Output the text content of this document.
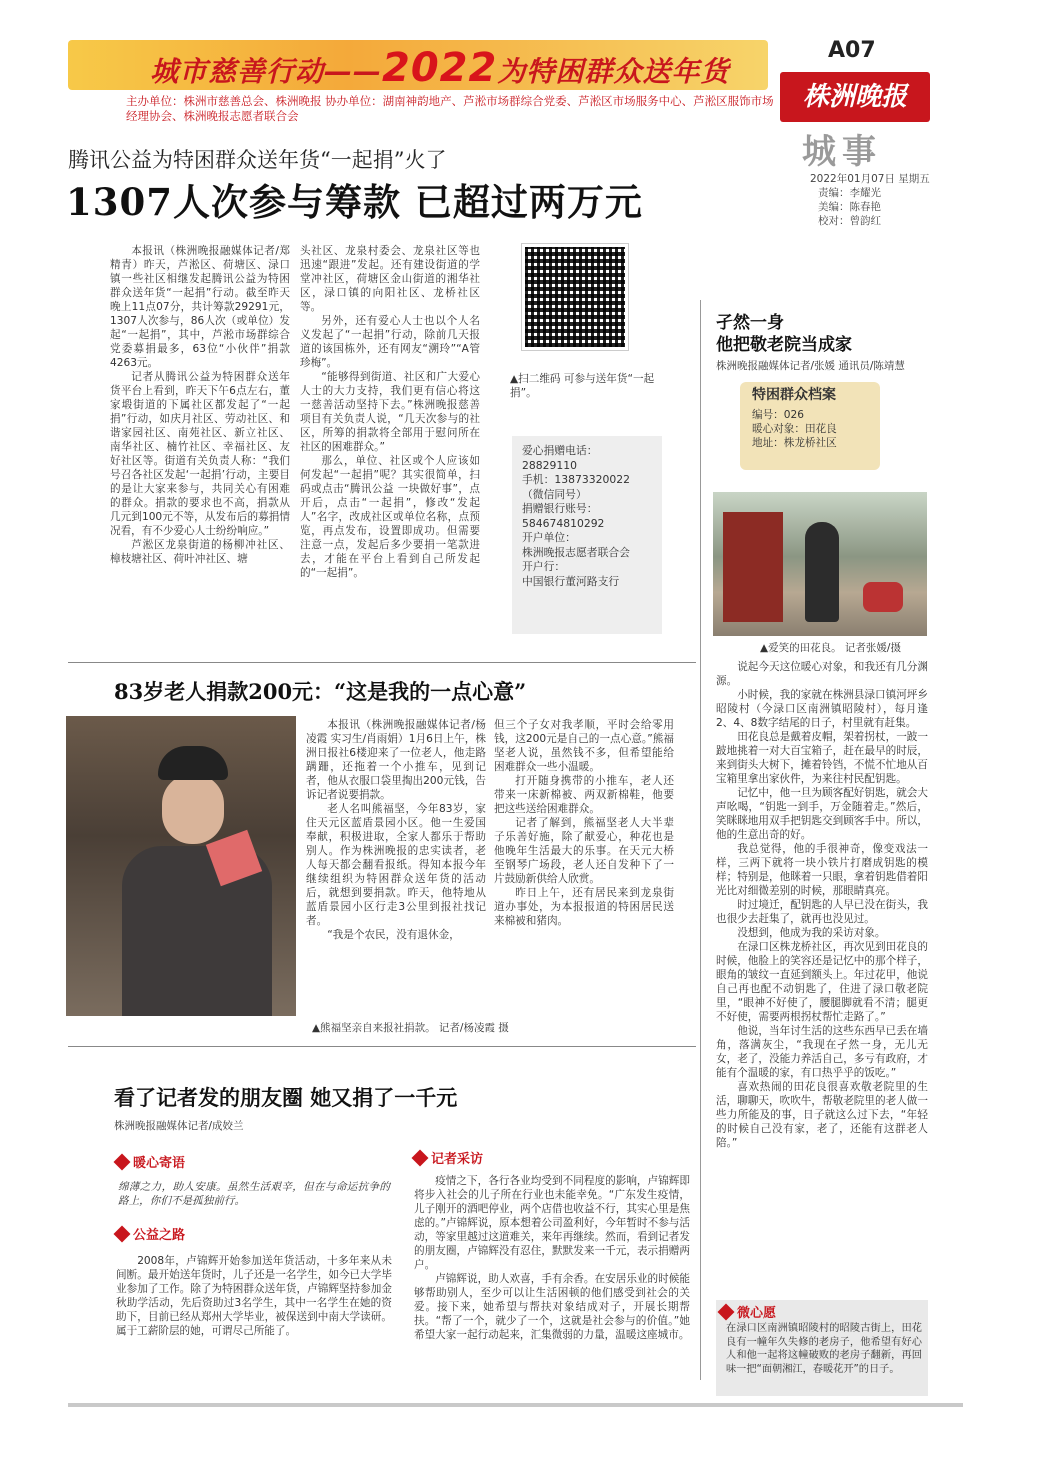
城市慈善行动——2022为特困群众送年货
A07
株洲晚报
城事
2022年01月07日 星期五
责编：李耀光
美编：陈春艳
校对：曾韵红
主办单位：株洲市慈善总会、株洲晚报 协办单位：湖南神韵地产、芦淞市场群综合党委、芦淞区市场服务中心、芦淞区服饰市场经理协会、株洲晚报志愿者联合会
腾讯公益为特困群众送年货“一起捐”火了
1307人次参与筹款 已超过两万元

本报讯（株洲晚报融媒体记者/郑精青）昨天，芦淞区、荷塘区、渌口镇一些社区相继发起腾讯公益为特困群众送年货“一起捐”行动。截至昨天晚上11点07分，共计筹款29291元，1307人次参与，86人次（或单位）发起“一起捐”，其中，芦淞市场群综合党委募捐最多，63位“小伙伴”捐款4263元。

记者从腾讯公益为特困群众送年货平台上看到，昨天下午6点左右，董家塅街道的下属社区都发起了“一起捐”行动，如庆月社区、劳动社区、和谐家园社区、南苑社区、新立社区、南华社区、楠竹社区、幸福社区、友好社区等。街道有关负责人称：“我们号召各社区发起‘一起捐’行动，主要目的是让大家来参与，共同关心有困难的群众。捐款的要求也不高，捐款从几元到100元不等，从发布后的募捐情况看，有不少爱心人士纷纷响应。”

芦淞区龙泉街道的杨柳冲社区、樟枝塘社区、荷叶冲社区、塘

头社区、龙泉村委会、龙泉社区等也迅速“跟进”发起。还有建设街道的学堂冲社区，荷塘区金山街道的湘华社区，渌口镇的向阳社区、龙桥社区等。

另外，还有爱心人士也以个人名义发起了“一起捐”行动，除前几天报道的该国栋外，还有网友“溯玲”“A管珍梅”。

“能够得到街道、社区和广大爱心人士的大力支持，我们更有信心将这一慈善活动坚持下去。”株洲晚报慈善项目有关负责人说，“几天次参与的社区，所筹的捐款将全部用于慰问所在社区的困难群众。”

那么，单位、社区或个人应该如何发起“一起捐”呢？其实很简单，扫码或点击“腾讯公益 一块做好事”，点开后，点击“一起捐”，修改“发起人”名字，改成社区或单位名称，点预览，再点发布，设置即成功。但需要注意一点，发起后多少要捐一笔款进去，才能在平台上看到自己所发起的“一起捐”。

▲扫二维码 可参与送年货“一起捐”。
爱心捐赠电话：
28829110
手机：13873320022
（微信同号）
捐赠银行账号：
584674810292
开户单位：
株洲晚报志愿者联合会
开户行：
中国银行董河路支行
孑然一身
他把敬老院当成家
株洲晚报融媒体记者/张媛 通讯员/陈靖慧
特困群众档案
编号：026
暖心对象：田花良
地址：株龙桥社区
▲爱笑的田花良。 记者张媛/摄

说起今天这位暖心对象，和我还有几分渊源。

小时候，我的家就在株洲县渌口镇河坪乡昭陵村（今渌口区南洲镇昭陵村），每月逢2、4、8数字结尾的日子，村里就有赶集。

田花良总是戴着皮帽，架着拐杖，一跛一跛地挑着一对大百宝箱子，赶在最早的时辰，来到街头大树下，摊着铃铛，不慌不忙地从百宝箱里拿出家伙件，为来往村民配钥匙。

记忆中，他一旦为顾客配好钥匙，就会大声吆喝，“钥匙一到手，万金随着走。”然后，笑眯眯地用双手把钥匙交到顾客手中。所以，他的生意出奇的好。

我总觉得，他的手很神奇，像变戏法一样，三两下就将一块小铁片打磨成钥匙的模样；特别是，他眯着一只眼，拿着钥匙借着阳光比对细微差别的时候，那眼睛真亮。

时过境迁，配钥匙的人早已没在街头，我也很少去赶集了，就再也没见过。

没想到，他成为我的采访对象。

在渌口区株龙桥社区，再次见到田花良的时候，他脸上的笑容还是记忆中的那个样子，眼角的皱纹一直延到额头上。年过花甲，他说自己再也配不动钥匙了，住进了渌口敬老院里，“眼神不好使了，腰腿脚就看不清；腿更不好使，需要两根拐杖帮忙走路了。”

他说，当年讨生活的这些东西早已丢在墙角，落满灰尘，“我现在孑然一身，无儿无女，老了，没能力养活自己，多亏有政府，才能有个温暖的家，有口热乎乎的饭吃。”

喜欢热闹的田花良很喜欢敬老院里的生活，聊聊天，吹吹牛，帮敬老院里的老人做一些力所能及的事，日子就这么过下去，“年轻的时候自己没有家，老了，还能有这群老人陪。”

微心愿
在渌口区南洲镇昭陵村的昭陵古街上，田花良有一幢年久失修的老房子，他希望有好心人和他一起将这幢破败的老房子翻新，再回味一把“面朝湘江，春暖花开”的日子。
83岁老人捐款200元：“这是我的一点心意”

本报讯（株洲晚报融媒体记者/杨凌霞 实习生/肖雨娟）1月6日上午，株洲日报社6楼迎来了一位老人，他走路蹒跚，还拖着一个小推车，见到记者，他从衣服口袋里掏出200元钱，告诉记者说要捐款。

老人名叫熊福坚，今年83岁，家住天元区蓝盾景园小区。他一生爱国奉献，积极进取，全家人都乐于帮助别人。作为株洲晚报的忠实读者，老人每天都会翻看报纸。得知本报今年继续组织为特困群众送年货的活动后，就想到要捐款。昨天，他特地从蓝盾景园小区行走3公里到报社找记者。

“我是个农民，没有退休金，

但三个子女对我孝顺，平时会给零用钱，这200元是自己的一点心意。”熊福坚老人说，虽然钱不多，但希望能给困难群众一些小温暖。

打开随身携带的小推车，老人还带来一床新棉被、两双新棉鞋，他要把这些送给困难群众。

记者了解到，熊福坚老人大半辈子乐善好施，除了献爱心，种花也是他晚年生活最大的乐事。在天元大桥至钢琴广场段，老人还自发种下了一片鼓励新供给人欣赏。

昨日上午，还有居民来到龙泉街道办事处，为本报报道的特困居民送来棉被和猪肉。

▲熊福坚亲自来报社捐款。 记者/杨凌霞 摄
看了记者发的朋友圈 她又捐了一千元
株洲晚报融媒体记者/成姣兰
暖心寄语
绵薄之力，助人安康。虽然生活艰辛，但在与命运抗争的路上，你们不是孤独前行。
公益之路

2008年，卢锦辉开始参加送年货活动，十多年来从未间断。最开始送年货时，儿子还是一名学生，如今已大学毕业参加了工作。除了为特困群众送年货，卢锦辉坚持参加金秋助学活动，先后资助过3名学生，其中一名学生在她的资助下，目前已经从郑州大学毕业，被保送到中南大学读研。属于工薪阶层的她，可谓尽己所能了。

记者采访

疫情之下，各行各业均受到不同程度的影响，卢锦辉即将步入社会的儿子所在行业也未能幸免。“广东发生疫情，儿子刚开的酒吧停业，两个店借也收益不行，其实心里是焦虑的。”卢锦辉说，原本想着公司盈利好，今年暂时不参与活动，等家里越过这道难关，来年再继续。然而，看到记者发的朋友圈，卢锦辉没有忍住，默默发来一千元，表示捐赠两户。

卢锦辉说，助人欢喜，手有余香。在安居乐业的时候能够帮助别人，至少可以让生活困顿的他们感受到社会的关爱。接下来，她希望与帮扶对象结成对子，开展长期帮扶。“帮了一个，就少了一个，这就是社会参与的价值。”她希望大家一起行动起来，汇集微弱的力量，温暖这座城市。
